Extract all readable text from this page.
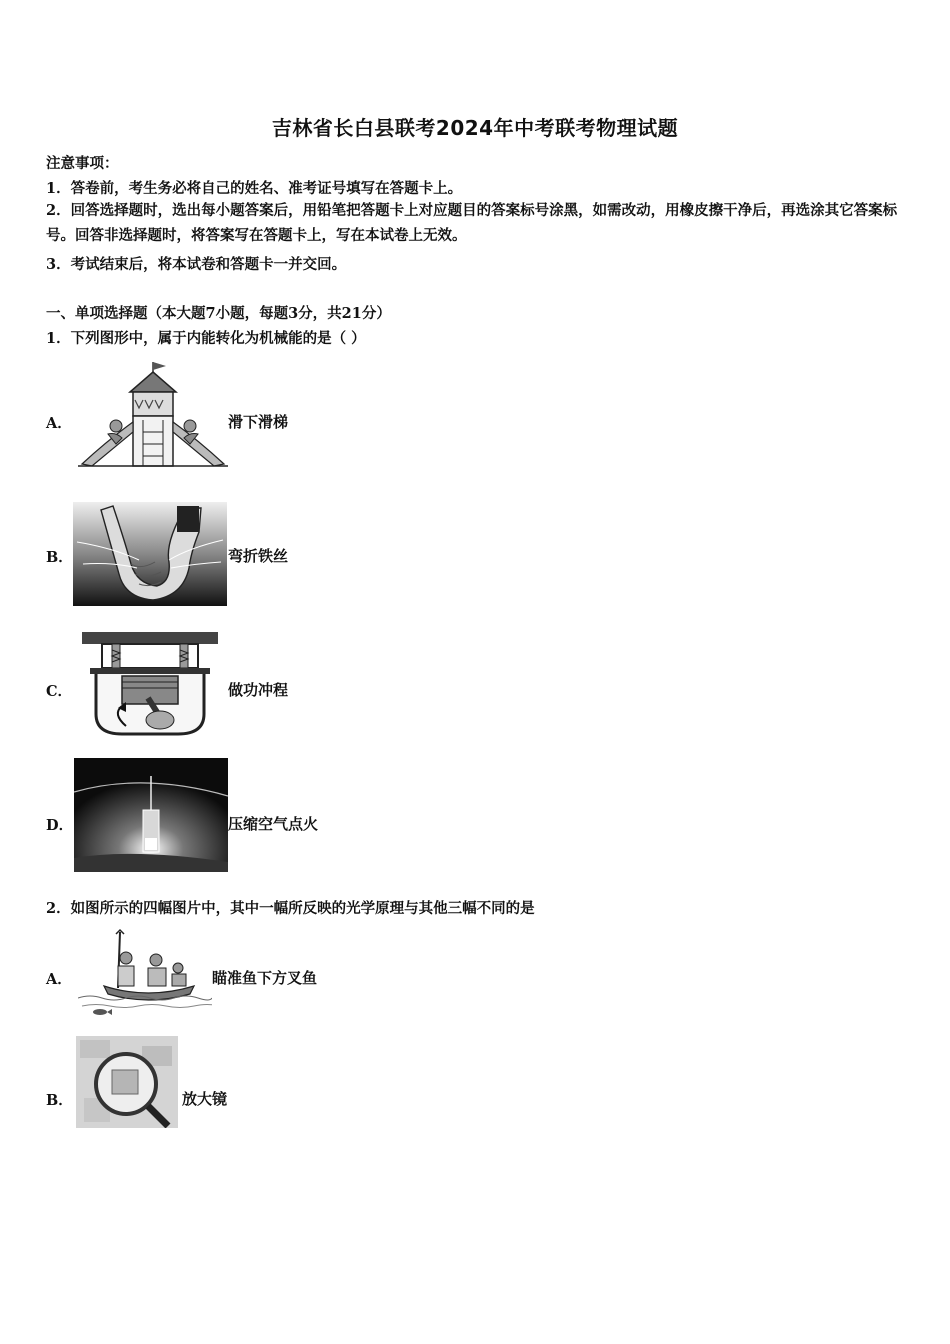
吉林省长白县联考2024年中考联考物理试题
注意事项：
1．答卷前，考生务必将自己的姓名、准考证号填写在答题卡上。
2．回答选择题时，选出每小题答案后，用铅笔把答题卡上对应题目的答案标号涂黑，如需改动，用橡皮擦干净后，再选涂其它答案标号。回答非选择题时，将答案写在答题卡上，写在本试卷上无效。
3．考试结束后，将本试卷和答题卡一并交回。
一、单项选择题（本大题7小题，每题3分，共21分）
1．下列图形中，属于内能转化为机械能的是（ ）
A．	滑下滑梯
B．	弯折铁丝
C．	做功冲程
D．	压缩空气点火
2．如图所示的四幅图片中，其中一幅所反映的光学原理与其他三幅不同的是
A．	瞄准鱼下方叉鱼
B．	放大镜
